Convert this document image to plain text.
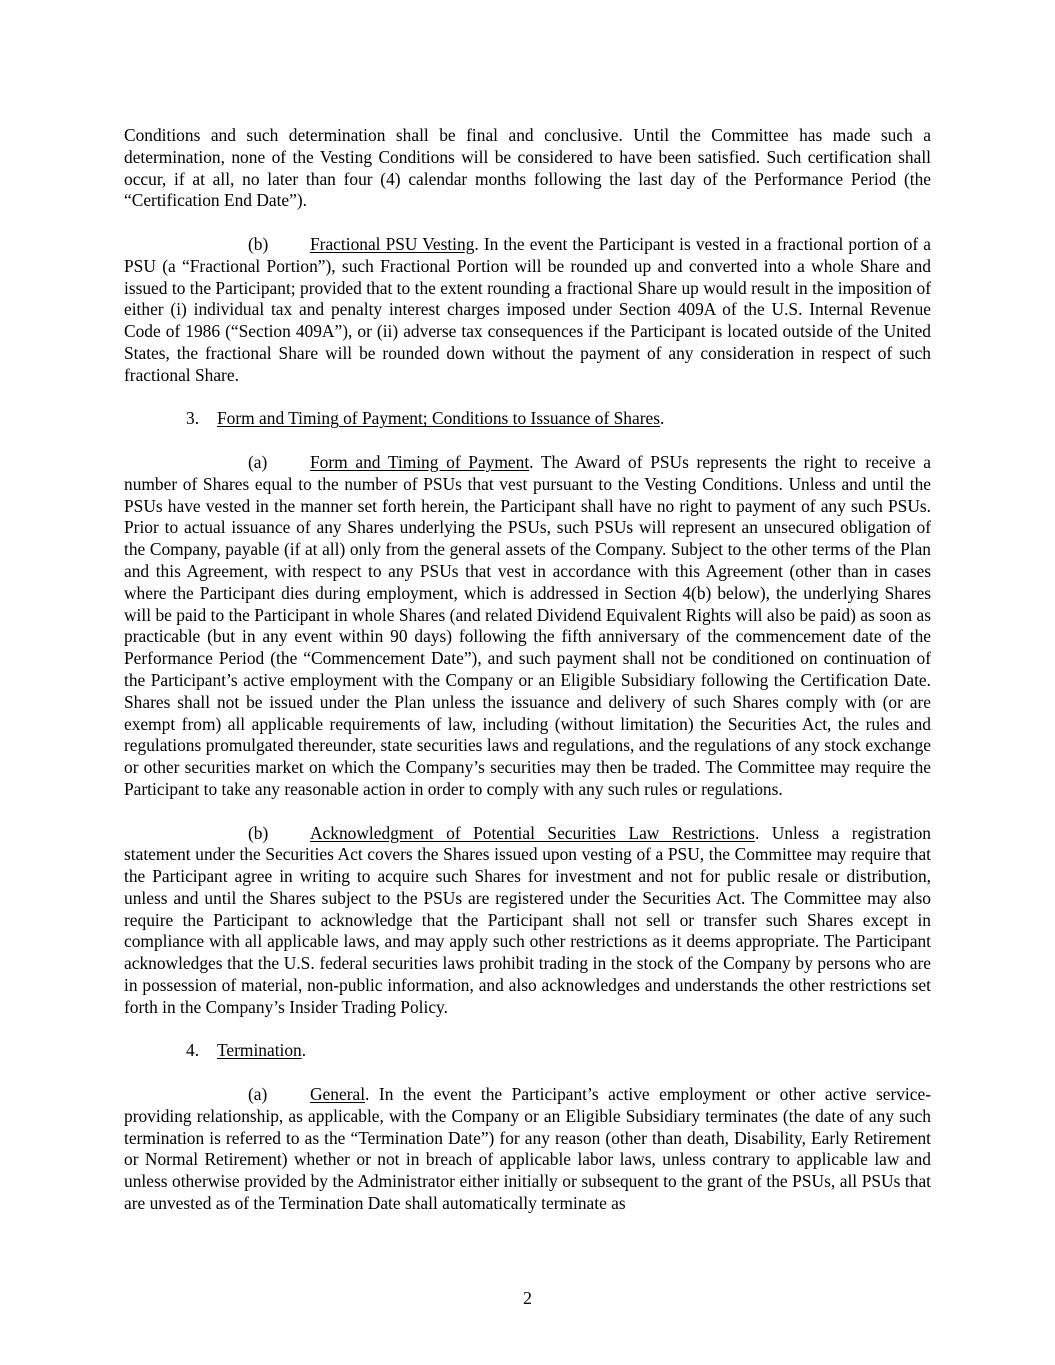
Conditions and such determination shall be final and conclusive. Until the Committee has made such a determination, none of the Vesting Conditions will be considered to have been satisfied. Such certification shall occur, if at all, no later than four (4) calendar months following the last day of the Performance Period (the “Certification End Date”).

(b) Fractional PSU Vesting. In the event the Participant is vested in a fractional portion of a PSU (a “Fractional Portion”), such Fractional Portion will be rounded up and converted into a whole Share and issued to the Participant; provided that to the extent rounding a fractional Share up would result in the imposition of either (i) individual tax and penalty interest charges imposed under Section 409A of the U.S. Internal Revenue Code of 1986 (“Section 409A”), or (ii) adverse tax consequences if the Participant is located outside of the United States, the fractional Share will be rounded down without the payment of any consideration in respect of such fractional Share.

3. Form and Timing of Payment; Conditions to Issuance of Shares.

(a) Form and Timing of Payment. The Award of PSUs represents the right to receive a number of Shares equal to the number of PSUs that vest pursuant to the Vesting Conditions. Unless and until the PSUs have vested in the manner set forth herein, the Participant shall have no right to payment of any such PSUs. Prior to actual issuance of any Shares underlying the PSUs, such PSUs will represent an unsecured obligation of the Company, payable (if at all) only from the general assets of the Company. Subject to the other terms of the Plan and this Agreement, with respect to any PSUs that vest in accordance with this Agreement (other than in cases where the Participant dies during employment, which is addressed in Section 4(b) below), the underlying Shares will be paid to the Participant in whole Shares (and related Dividend Equivalent Rights will also be paid) as soon as practicable (but in any event within 90 days) following the fifth anniversary of the commencement date of the Performance Period (the “Commencement Date”), and such payment shall not be conditioned on continuation of the Participant’s active employment with the Company or an Eligible Subsidiary following the Certification Date. Shares shall not be issued under the Plan unless the issuance and delivery of such Shares comply with (or are exempt from) all applicable requirements of law, including (without limitation) the Securities Act, the rules and regulations promulgated thereunder, state securities laws and regulations, and the regulations of any stock exchange or other securities market on which the Company’s securities may then be traded. The Committee may require the Participant to take any reasonable action in order to comply with any such rules or regulations.

(b) Acknowledgment of Potential Securities Law Restrictions. Unless a registration statement under the Securities Act covers the Shares issued upon vesting of a PSU, the Committee may require that the Participant agree in writing to acquire such Shares for investment and not for public resale or distribution, unless and until the Shares subject to the PSUs are registered under the Securities Act. The Committee may also require the Participant to acknowledge that the Participant shall not sell or transfer such Shares except in compliance with all applicable laws, and may apply such other restrictions as it deems appropriate. The Participant acknowledges that the U.S. federal securities laws prohibit trading in the stock of the Company by persons who are in possession of material, non-public information, and also acknowledges and understands the other restrictions set forth in the Company’s Insider Trading Policy.

4. Termination.

(a) General. In the event the Participant’s active employment or other active service-providing relationship, as applicable, with the Company or an Eligible Subsidiary terminates (the date of any such termination is referred to as the “Termination Date”) for any reason (other than death, Disability, Early Retirement or Normal Retirement) whether or not in breach of applicable labor laws, unless contrary to applicable law and unless otherwise provided by the Administrator either initially or subsequent to the grant of the PSUs, all PSUs that are unvested as of the Termination Date shall automatically terminate as

2
